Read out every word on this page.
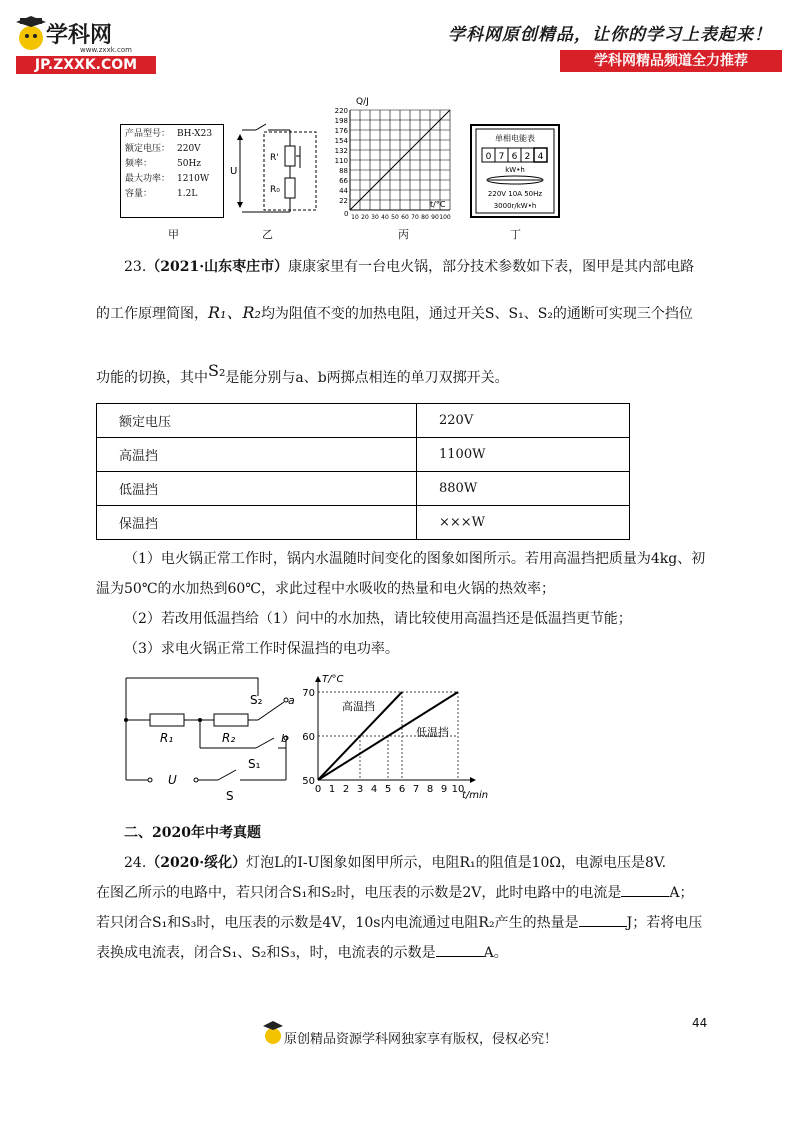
学科网
www.zxxk.com
JP.ZXXK.COM
学科网原创精品，让你的学习上表起来！
学科网精品频道全力推荐
产品型号： BH-X23
额定电压： 220V
频率：	50Hz
最大功率： 1210W
容量：	1.2L
U
R'
R₀
Q/J
t/°C
0
220
198
176
154
132
110
88
66
44
22
10 20 30 40 50 60 70 80 90 100
单相电能表
0 7 6 2 4
kW•h
220V 10A 50Hz
3000r/kW•h
甲	乙	丙	丁
23.（2021·山东枣庄市）康康家里有一台电火锅，部分技术参数如下表，图甲是其内部电路
的工作原理简图，R₁、R₂均为阻值不变的加热电阻，通过开关S、S₁、S₂的通断可实现三个挡位
功能的切换，其中S₂是能分别与a、b两掷点相连的单刀双掷开关。
额定电压	220V
高温挡	1100W
低温挡	880W
保温挡	×××W
（1）电火锅正常工作时，锅内水温随时间变化的图象如图所示。若用高温挡把质量为4kg、初
温为50℃的水加热到60℃，求此过程中水吸收的热量和电火锅的热效率；
（2）若改用低温挡给（1）问中的水加热，请比较使用高温挡还是低温挡更节能；
（3）求电火锅正常工作时保温挡的电功率。
R₁	R₂
S₂ a
b
S₁
S
U
0 1 2 3 4 5 6 7 8 9 10
50
60
70
T/°C
t/min
高温挡
低温挡
二、2020年中考真题
24.（2020·绥化）灯泡L的I-U图象如图甲所示，电阻R₁的阻值是10Ω，电源电压是8V.
在图乙所示的电路中，若只闭合S₁和S₂时，电压表的示数是2V，此时电路中的电流是	A；
若只闭合S₁和S₃时，电压表的示数是4V，10s内电流通过电阻R₂产生的热量是	J；若将电压
表换成电流表，闭合S₁、S₂和S₃，时，电流表的示数是	A。
44
原创精品资源学科网独家享有版权，侵权必究！
